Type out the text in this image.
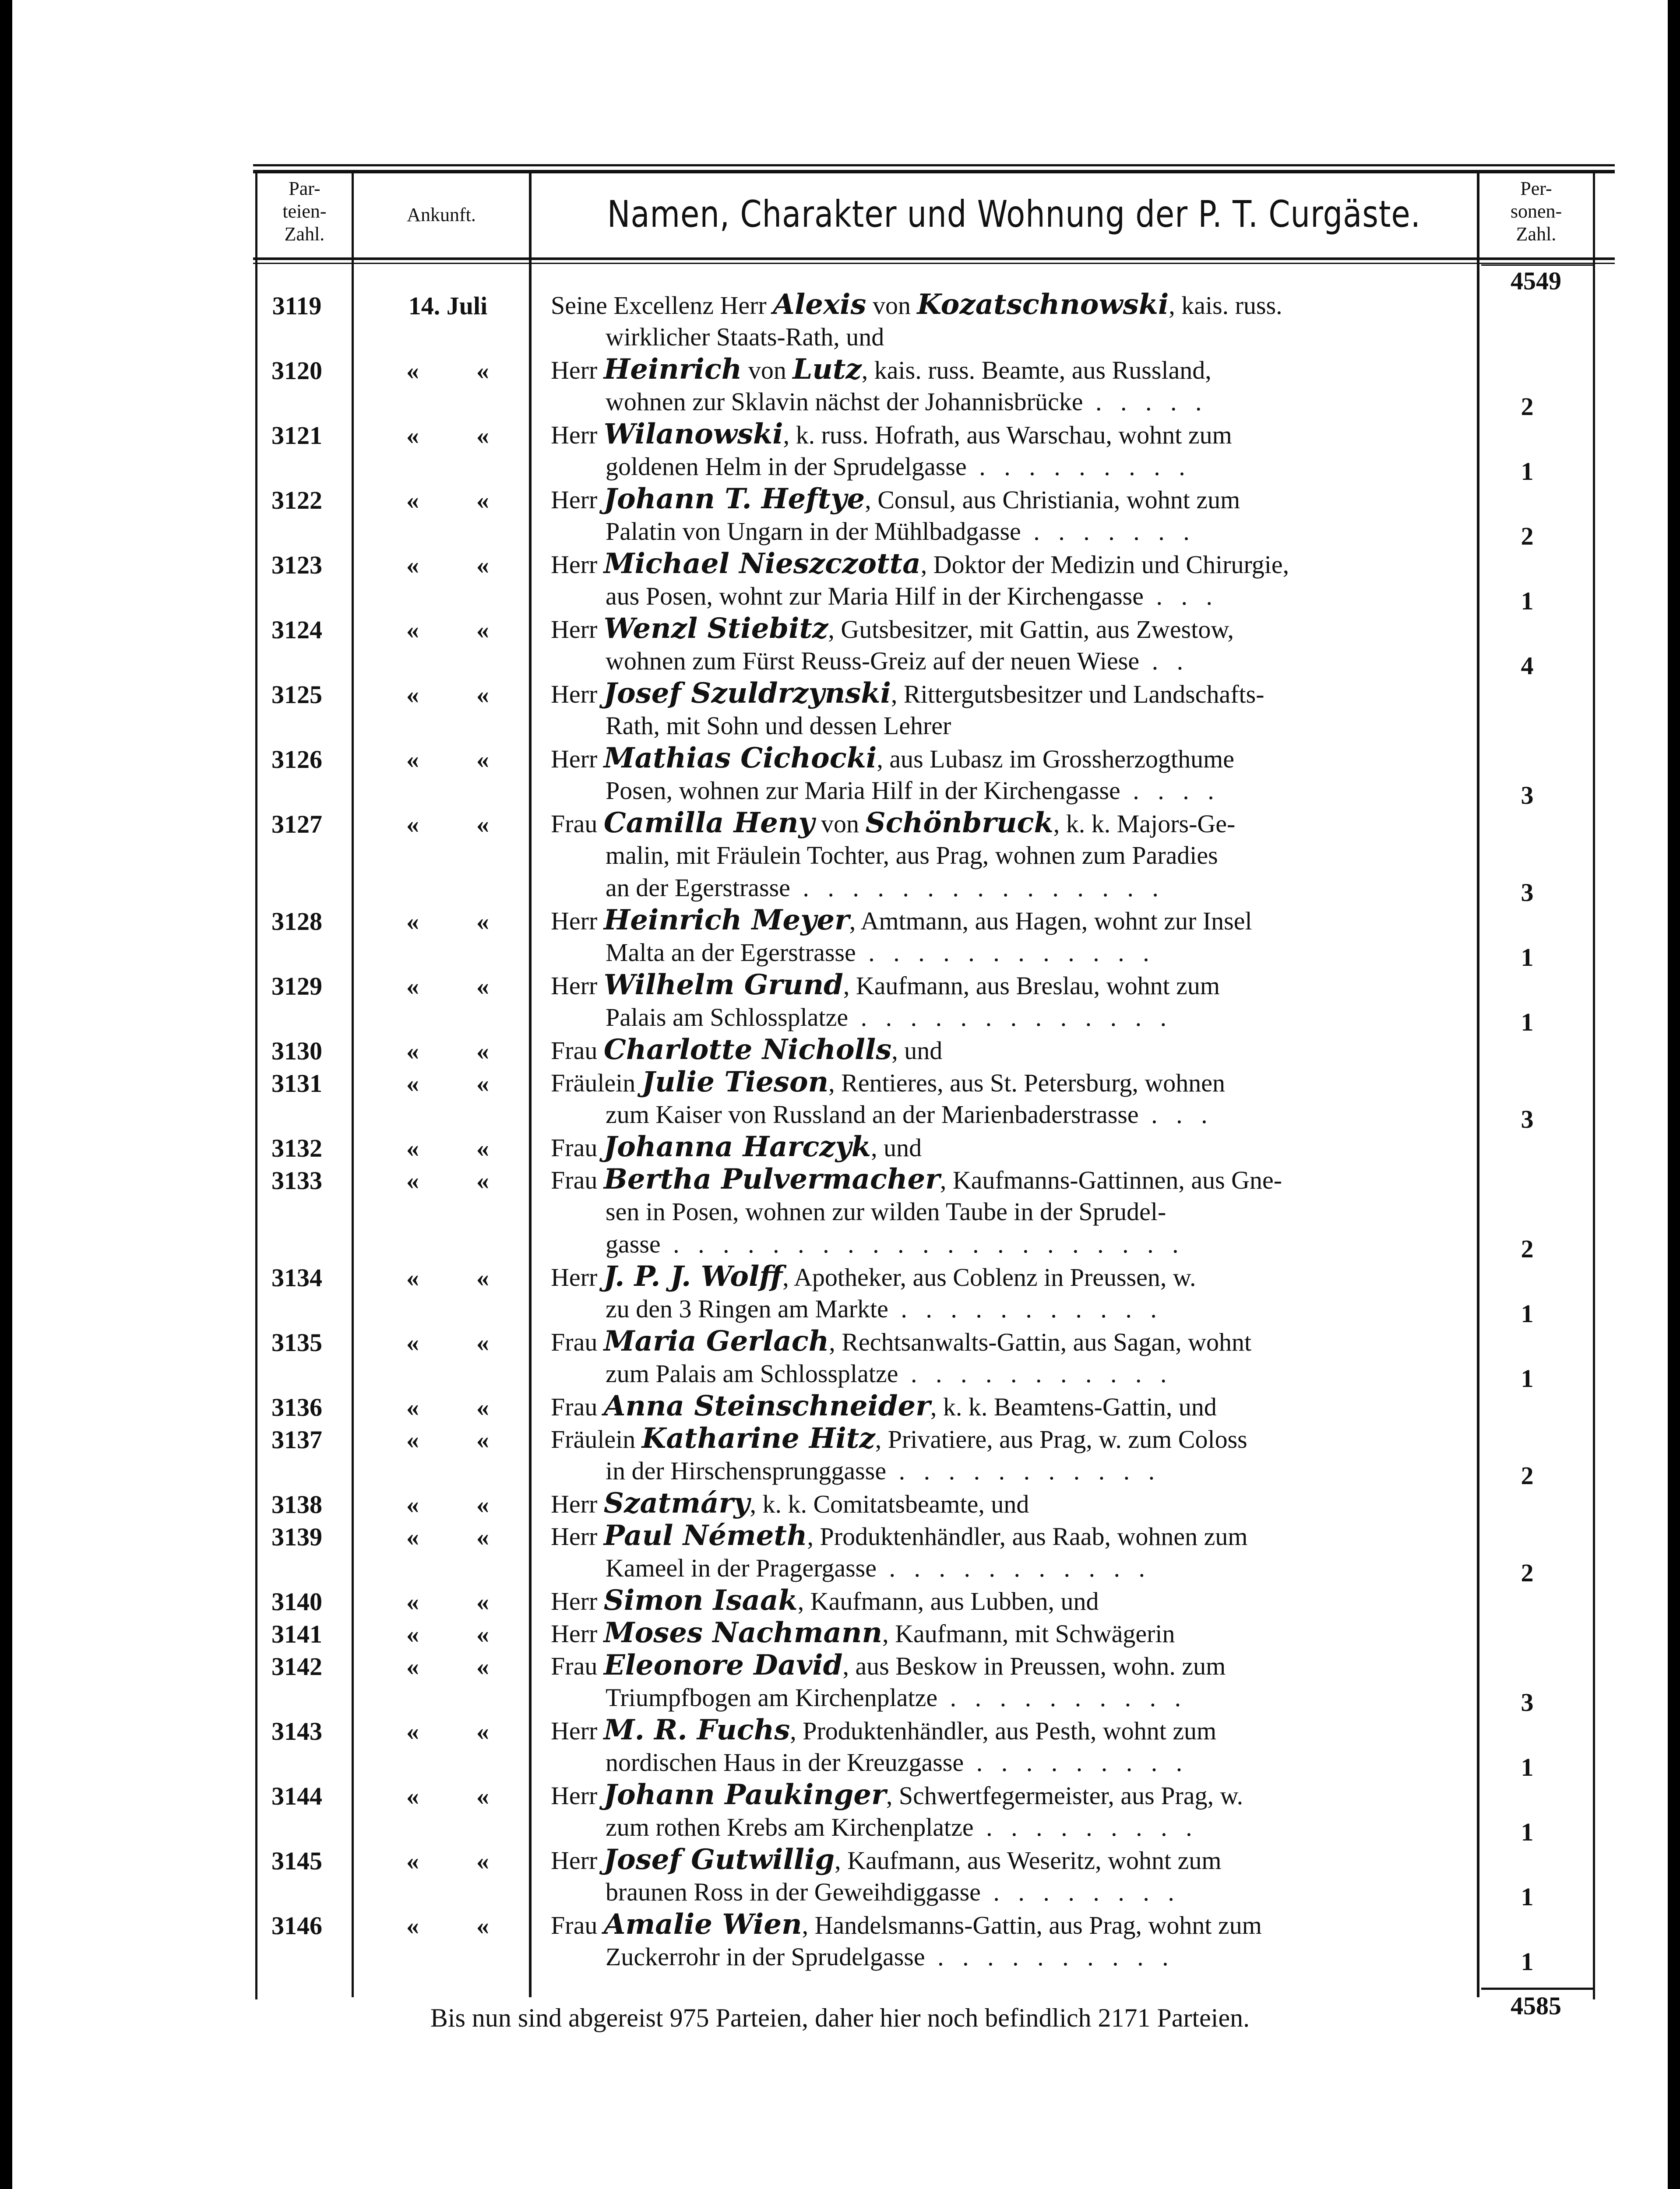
Par-
teien-
Zahl.
Ankunft.	Namen, Charakter und Wohnung der P. T. Curgäste.
Per-
sonen-
Zahl.
4549
3119	14. Juli	Seine Excellenz Herr Alexis von Kozatschnowski, kais. russ.
wirklicher Staats-Rath, und
3120	« « Herr Heinrich von Lutz, kais. russ. Beamte, aus Russland,
wohnen zur Sklavin nächst der Johannisbrücke . . . . .	2
3121	« « Herr Wilanowski, k. russ. Hofrath, aus Warschau, wohnt zum
goldenen Helm in der Sprudelgasse . . . . . . . . .	1
3122	« « Herr Johann T. Heftye, Consul, aus Christiania, wohnt zum
Palatin von Ungarn in der Mühlbadgasse . . . . . . .	2
3123	« « Herr Michael Nieszczotta, Doktor der Medizin und Chirurgie,
aus Posen, wohnt zur Maria Hilf in der Kirchengasse . . .	1
3124	« « Herr Wenzl Stiebitz, Gutsbesitzer, mit Gattin, aus Zwestow,
wohnen zum Fürst Reuss-Greiz auf der neuen Wiese . .	4
3125	« « Herr Josef Szuldrzynski, Rittergutsbesitzer und Landschafts-
Rath, mit Sohn und dessen Lehrer
3126	« « Herr Mathias Cichocki, aus Lubasz im Grossherzogthume
Posen, wohnen zur Maria Hilf in der Kirchengasse . . . .	3
3127	« « Frau Camilla Heny von Schönbruck, k. k. Majors-Ge-
malin, mit Fräulein Tochter, aus Prag, wohnen zum Paradies
an der Egerstrasse . . . . . . . . . . . . . . .	3
3128	« « Herr Heinrich Meyer, Amtmann, aus Hagen, wohnt zur Insel
Malta an der Egerstrasse . . . . . . . . . . . .	1
3129	« « Herr Wilhelm Grund, Kaufmann, aus Breslau, wohnt zum
Palais am Schlossplatze . . . . . . . . . . . . .	1
3130	« « Frau Charlotte Nicholls, und
3131	« « Fräulein Julie Tieson, Rentieres, aus St. Petersburg, wohnen
zum Kaiser von Russland an der Marienbaderstrasse . . .	3
3132	« « Frau Johanna Harczyk, und
3133	« « Frau Bertha Pulvermacher, Kaufmanns-Gattinnen, aus Gne-
sen in Posen, wohnen zur wilden Taube in der Sprudel-
gasse . . . . . . . . . . . . . . . . . . . . .	2
3134	« « Herr J. P. J. Wolff, Apotheker, aus Coblenz in Preussen, w.
zu den 3 Ringen am Markte . . . . . . . . . . .	1
3135	« « Frau Maria Gerlach, Rechtsanwalts-Gattin, aus Sagan, wohnt
zum Palais am Schlossplatze . . . . . . . . . . .	1
3136	« « Frau Anna Steinschneider, k. k. Beamtens-Gattin, und
3137	« « Fräulein Katharine Hitz, Privatiere, aus Prag, w. zum Coloss
in der Hirschensprunggasse . . . . . . . . . . .	2
3138	« « Herr Szatmáry, k. k. Comitatsbeamte, und
3139	« « Herr Paul Németh, Produktenhändler, aus Raab, wohnen zum
Kameel in der Pragergasse . . . . . . . . . . .	2
3140	« « Herr Simon Isaak, Kaufmann, aus Lubben, und
3141	« « Herr Moses Nachmann, Kaufmann, mit Schwägerin
3142	« « Frau Eleonore David, aus Beskow in Preussen, wohn. zum
Triumpfbogen am Kirchenplatze . . . . . . . . . .	3
3143	« « Herr M. R. Fuchs, Produktenhändler, aus Pesth, wohnt zum
nordischen Haus in der Kreuzgasse . . . . . . . . .	1
3144	« « Herr Johann Paukinger, Schwertfegermeister, aus Prag, w.
zum rothen Krebs am Kirchenplatze . . . . . . . . .	1
3145	« « Herr Josef Gutwillig, Kaufmann, aus Weseritz, wohnt zum
braunen Ross in der Geweihdiggasse . . . . . . . .	1
3146	« « Frau Amalie Wien, Handelsmanns-Gattin, aus Prag, wohnt zum
Zuckerrohr in der Sprudelgasse . . . . . . . . . .	1
4585
Bis nun sind abgereist 975 Parteien, daher hier noch befindlich 2171 Parteien.
